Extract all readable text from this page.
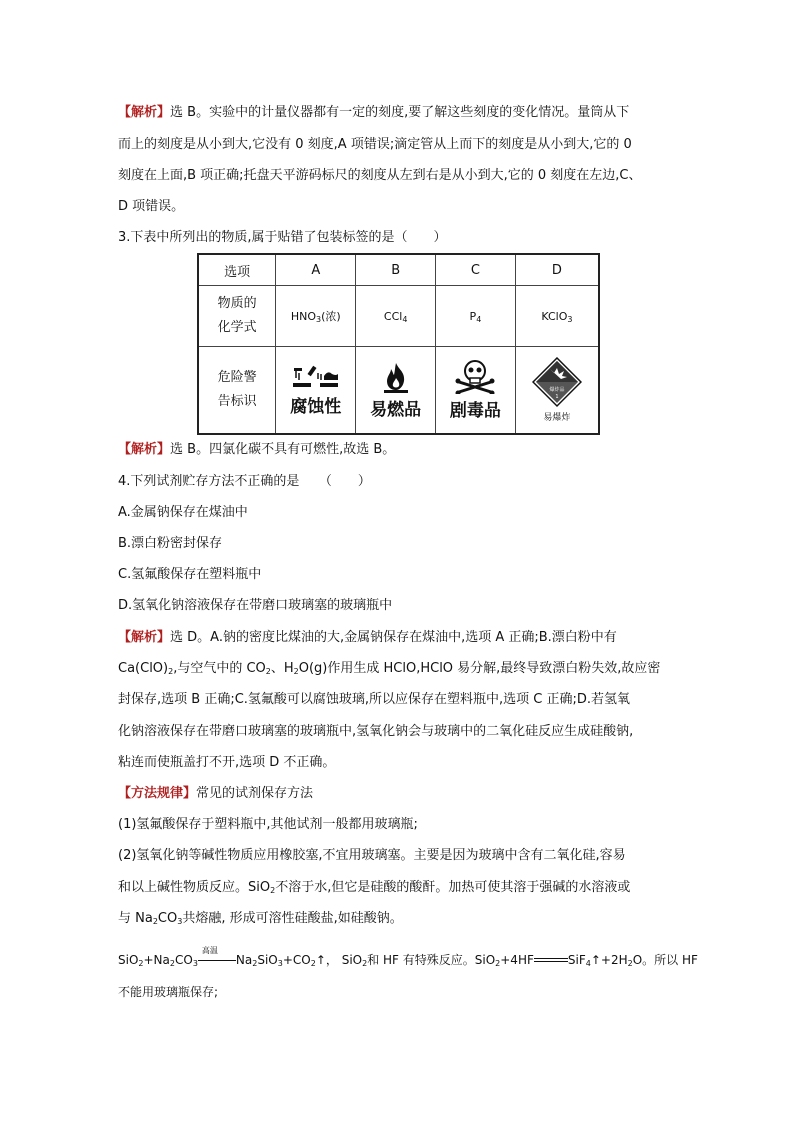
【解析】选 B。实验中的计量仪器都有一定的刻度,要了解这些刻度的变化情况。量筒从下
而上的刻度是从小到大,它没有 0 刻度,A 项错误;滴定管从上而下的刻度是从小到大,它的 0
刻度在上面,B 项正确;托盘天平游码标尺的刻度从左到右是从小到大,它的 0 刻度在左边,C、
D 项错误。
3.下表中所列出的物质,属于贴错了包装标签的是（　　）
选项	A	B	C	D
物质的
化学式	$HNO_3$(浓)	CCl$_4$	$P_4$	KClO$_3$
危险警
告标识	腐蚀性	易燃品	剧毒品	爆炸品
1
易爆炸
【解析】选 B。四氯化碳不具有可燃性,故选 B。
4.下列试剂贮存方法不正确的是　　（　　）
A.金属钠保存在煤油中
B.漂白粉密封保存
C.氢氟酸保存在塑料瓶中
D.氢氧化钠溶液保存在带磨口玻璃塞的玻璃瓶中
【解析】选 D。A.钠的密度比煤油的大,金属钠保存在煤油中,选项 A 正确;B.漂白粉中有
$Ca(ClO)_2$,与空气中的 $CO_2$、$H_2O(g)$作用生成 HClO,HClO 易分解,最终导致漂白粉失效,故应密
封保存,选项 B 正确;C.氢氟酸可以腐蚀玻璃,所以应保存在塑料瓶中,选项 C 正确;D.若氢氧
化钠溶液保存在带磨口玻璃塞的玻璃瓶中,氢氧化钠会与玻璃中的二氧化硅反应生成硅酸钠,
粘连而使瓶盖打不开,选项 D 不正确。
【方法规律】常见的试剂保存方法
(1)氢氟酸保存于塑料瓶中,其他试剂一般都用玻璃瓶;
(2)氢氧化钠等碱性物质应用橡胶塞,不宜用玻璃塞。主要是因为玻璃中含有二氧化硅,容易
和以上碱性物质反应。SiO$_2$不溶于水,但它是硅酸的酸酐。加热可使其溶于强碱的水溶液或
与 $Na_2CO_3$共熔融, 形成可溶性硅酸盐,如硅酸钠。
$SiO_2+Na_2CO_3$
高温
$Na_2SiO_3+CO_2↑$， SiO$_2$和 HF 有特殊反应。SiO$_2$+4HF	$SiF_4↑+2H_2O$。所以 HF
不能用玻璃瓶保存;
